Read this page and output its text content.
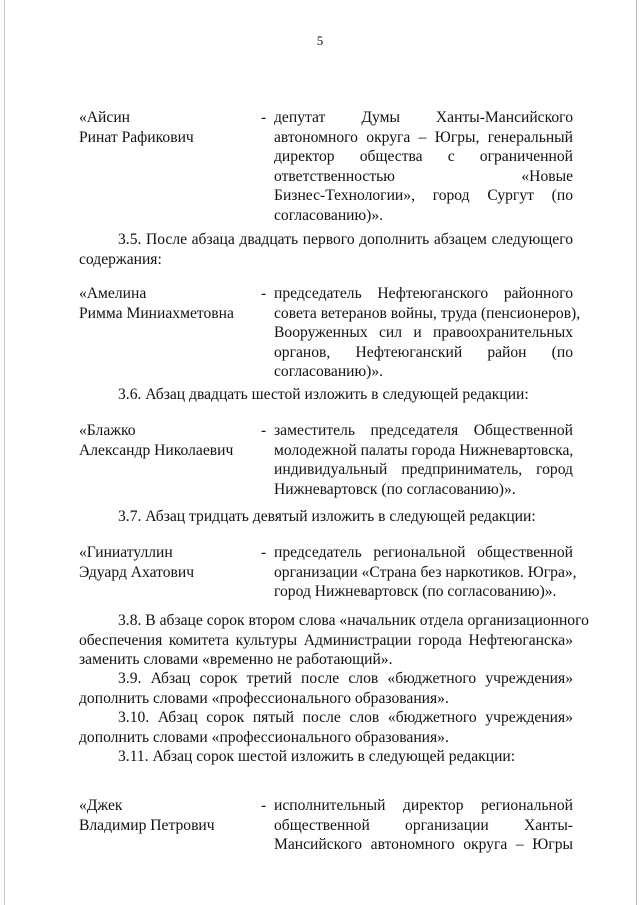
5
«Айсин
Ринат Рафикович
- депутат Думы Ханты-Мансийского
автономного округа – Югры, генеральный
директор общества с ограниченной
ответственностью «Новые
Бизнес-Технологии», город Сургут (по
согласованию)».
3.5. После абзаца двадцать первого дополнить абзацем следующего
содержания:
«Амелина
Римма Миниахметовна
- председатель Нефтеюганского районного
совета ветеранов войны, труда (пенсионеров),
Вооруженных сил и правоохранительных
органов, Нефтеюганский район (по
согласованию)».
3.6. Абзац двадцать шестой изложить в следующей редакции:
«Блажко
Александр Николаевич
- заместитель председателя Общественной
молодежной палаты города Нижневартовска,
индивидуальный предприниматель, город
Нижневартовск (по согласованию)».
3.7. Абзац тридцать девятый изложить в следующей редакции:
«Гиниатуллин
Эдуард Ахатович
- председатель региональной общественной
организации «Страна без наркотиков. Югра»,
город Нижневартовск (по согласованию)».
3.8. В абзаце сорок втором слова «начальник отдела организационного
обеспечения комитета культуры Администрации города Нефтеюганска»
заменить словами «временно не работающий».
3.9. Абзац сорок третий после слов «бюджетного учреждения»
дополнить словами «профессионального образования».
3.10. Абзац сорок пятый после слов «бюджетного учреждения»
дополнить словами «профессионального образования».
3.11. Абзац сорок шестой изложить в следующей редакции:
«Джек
Владимир Петрович
- исполнительный директор региональной
общественной организации Ханты-
Мансийского автономного округа – Югры
